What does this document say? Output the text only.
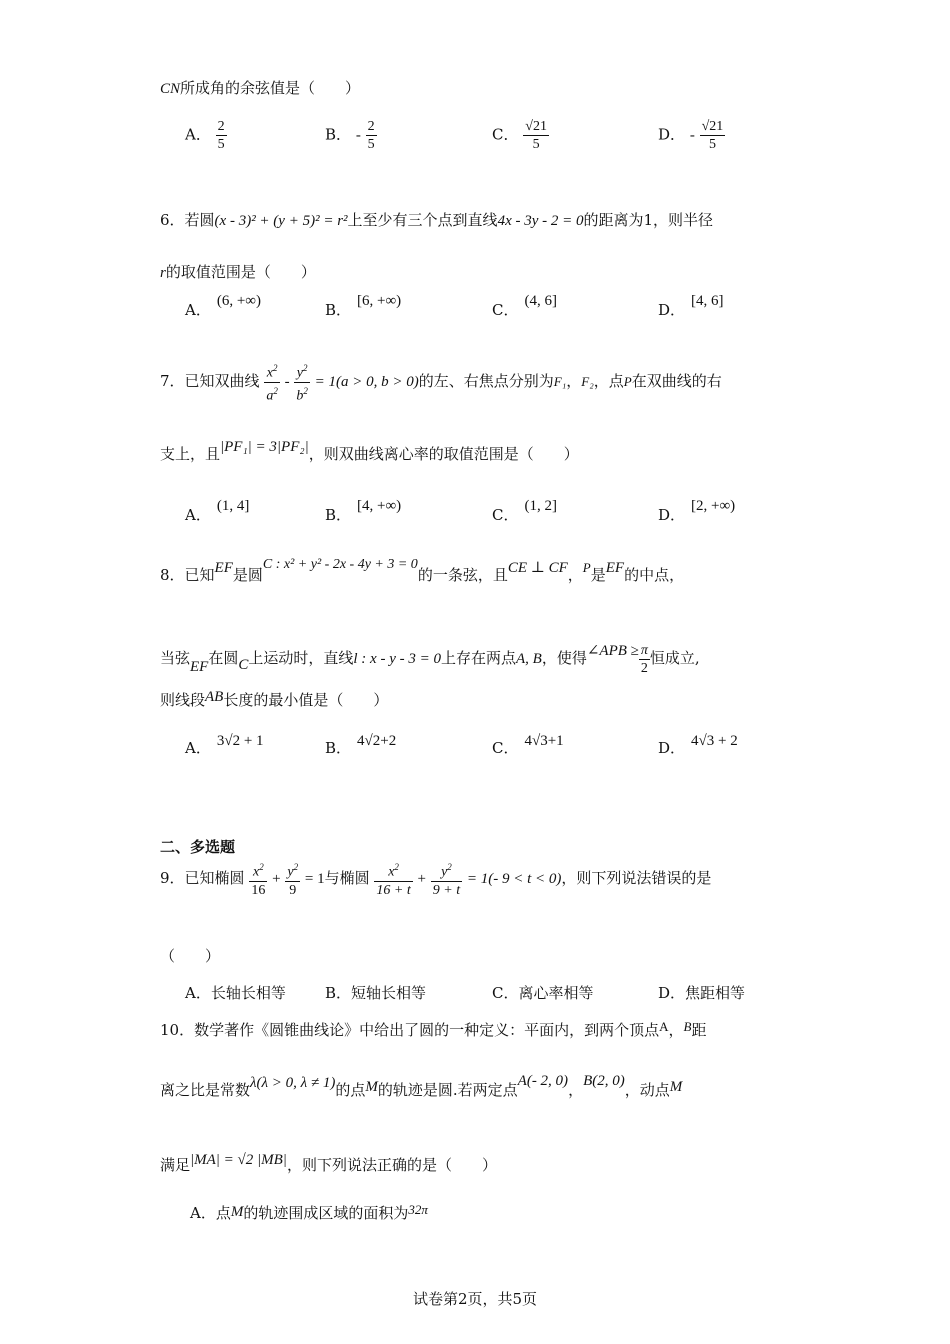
CN所成角的余弦值是（　　）
A． $\frac{2}{5}$	B． - $\frac{2}{5}$	C． $\frac{√21}{5}$	D． - $\frac{√21}{5}$
6．若圆(x - 3)² + (y + 5)² = r²上至少有三个点到直线4x - 3y - 2 = 0的距离为1，则半径
r的取值范围是（　　）
A． (6, +∞)	B． [6, +∞)	C． (4, 6]	D． [4, 6]
7．已知双曲线 $\frac{x^2}{a^2} - \frac{y^2}{b^2} = 1(a > 0$, b > 0)的左、右焦点分别为F₁，F₂，点P在双曲线的右
支上，且|PF₁| = 3|PF₂|，则双曲线离心率的取值范围是（　　）
A． (1, 4]	B． [4, +∞)	C． (1, 2]	D． [2, +∞)
8．已知EF是圆C : x² + y² - 2x - 4y + 3 = 0的一条弦，且CE ⊥ CF，P是EF的中点，
当弦EF在圆C上运动时，直线l : x - y - 3 = 0上存在两点A, B，使得∠APB ≥ $\frac{\pi}{2}$ 恒成立,
则线段AB长度的最小值是（　　）
A． 3√2 + 1	B． 4√2+2	C． 4√3+1	D． 4√3 + 2
二、多选题
9．已知椭圆 $\frac{x^2}{16} + \frac{y^2}{9} = 1$与椭圆 $\frac{x^2}{16 + t} + \frac{y^2}{9 + t} = 1(-$ 9 < t < 0)，则下列说法错误的是
（　　）
A．长轴长相等	B．短轴长相等	C．离心率相等	D．焦距相等
10．数学著作《圆锥曲线论》中给出了圆的一种定义：平面内，到两个顶点A，B距
离之比是常数λ(λ > 0, λ ≠ 1)的点M的轨迹是圆.若两定点A(- 2, 0)，B(2, 0)，动点M
满足|MA| = √2 |MB|，则下列说法正确的是（　　）
A．点M的轨迹围成区域的面积为32π
试卷第2页，共5页
